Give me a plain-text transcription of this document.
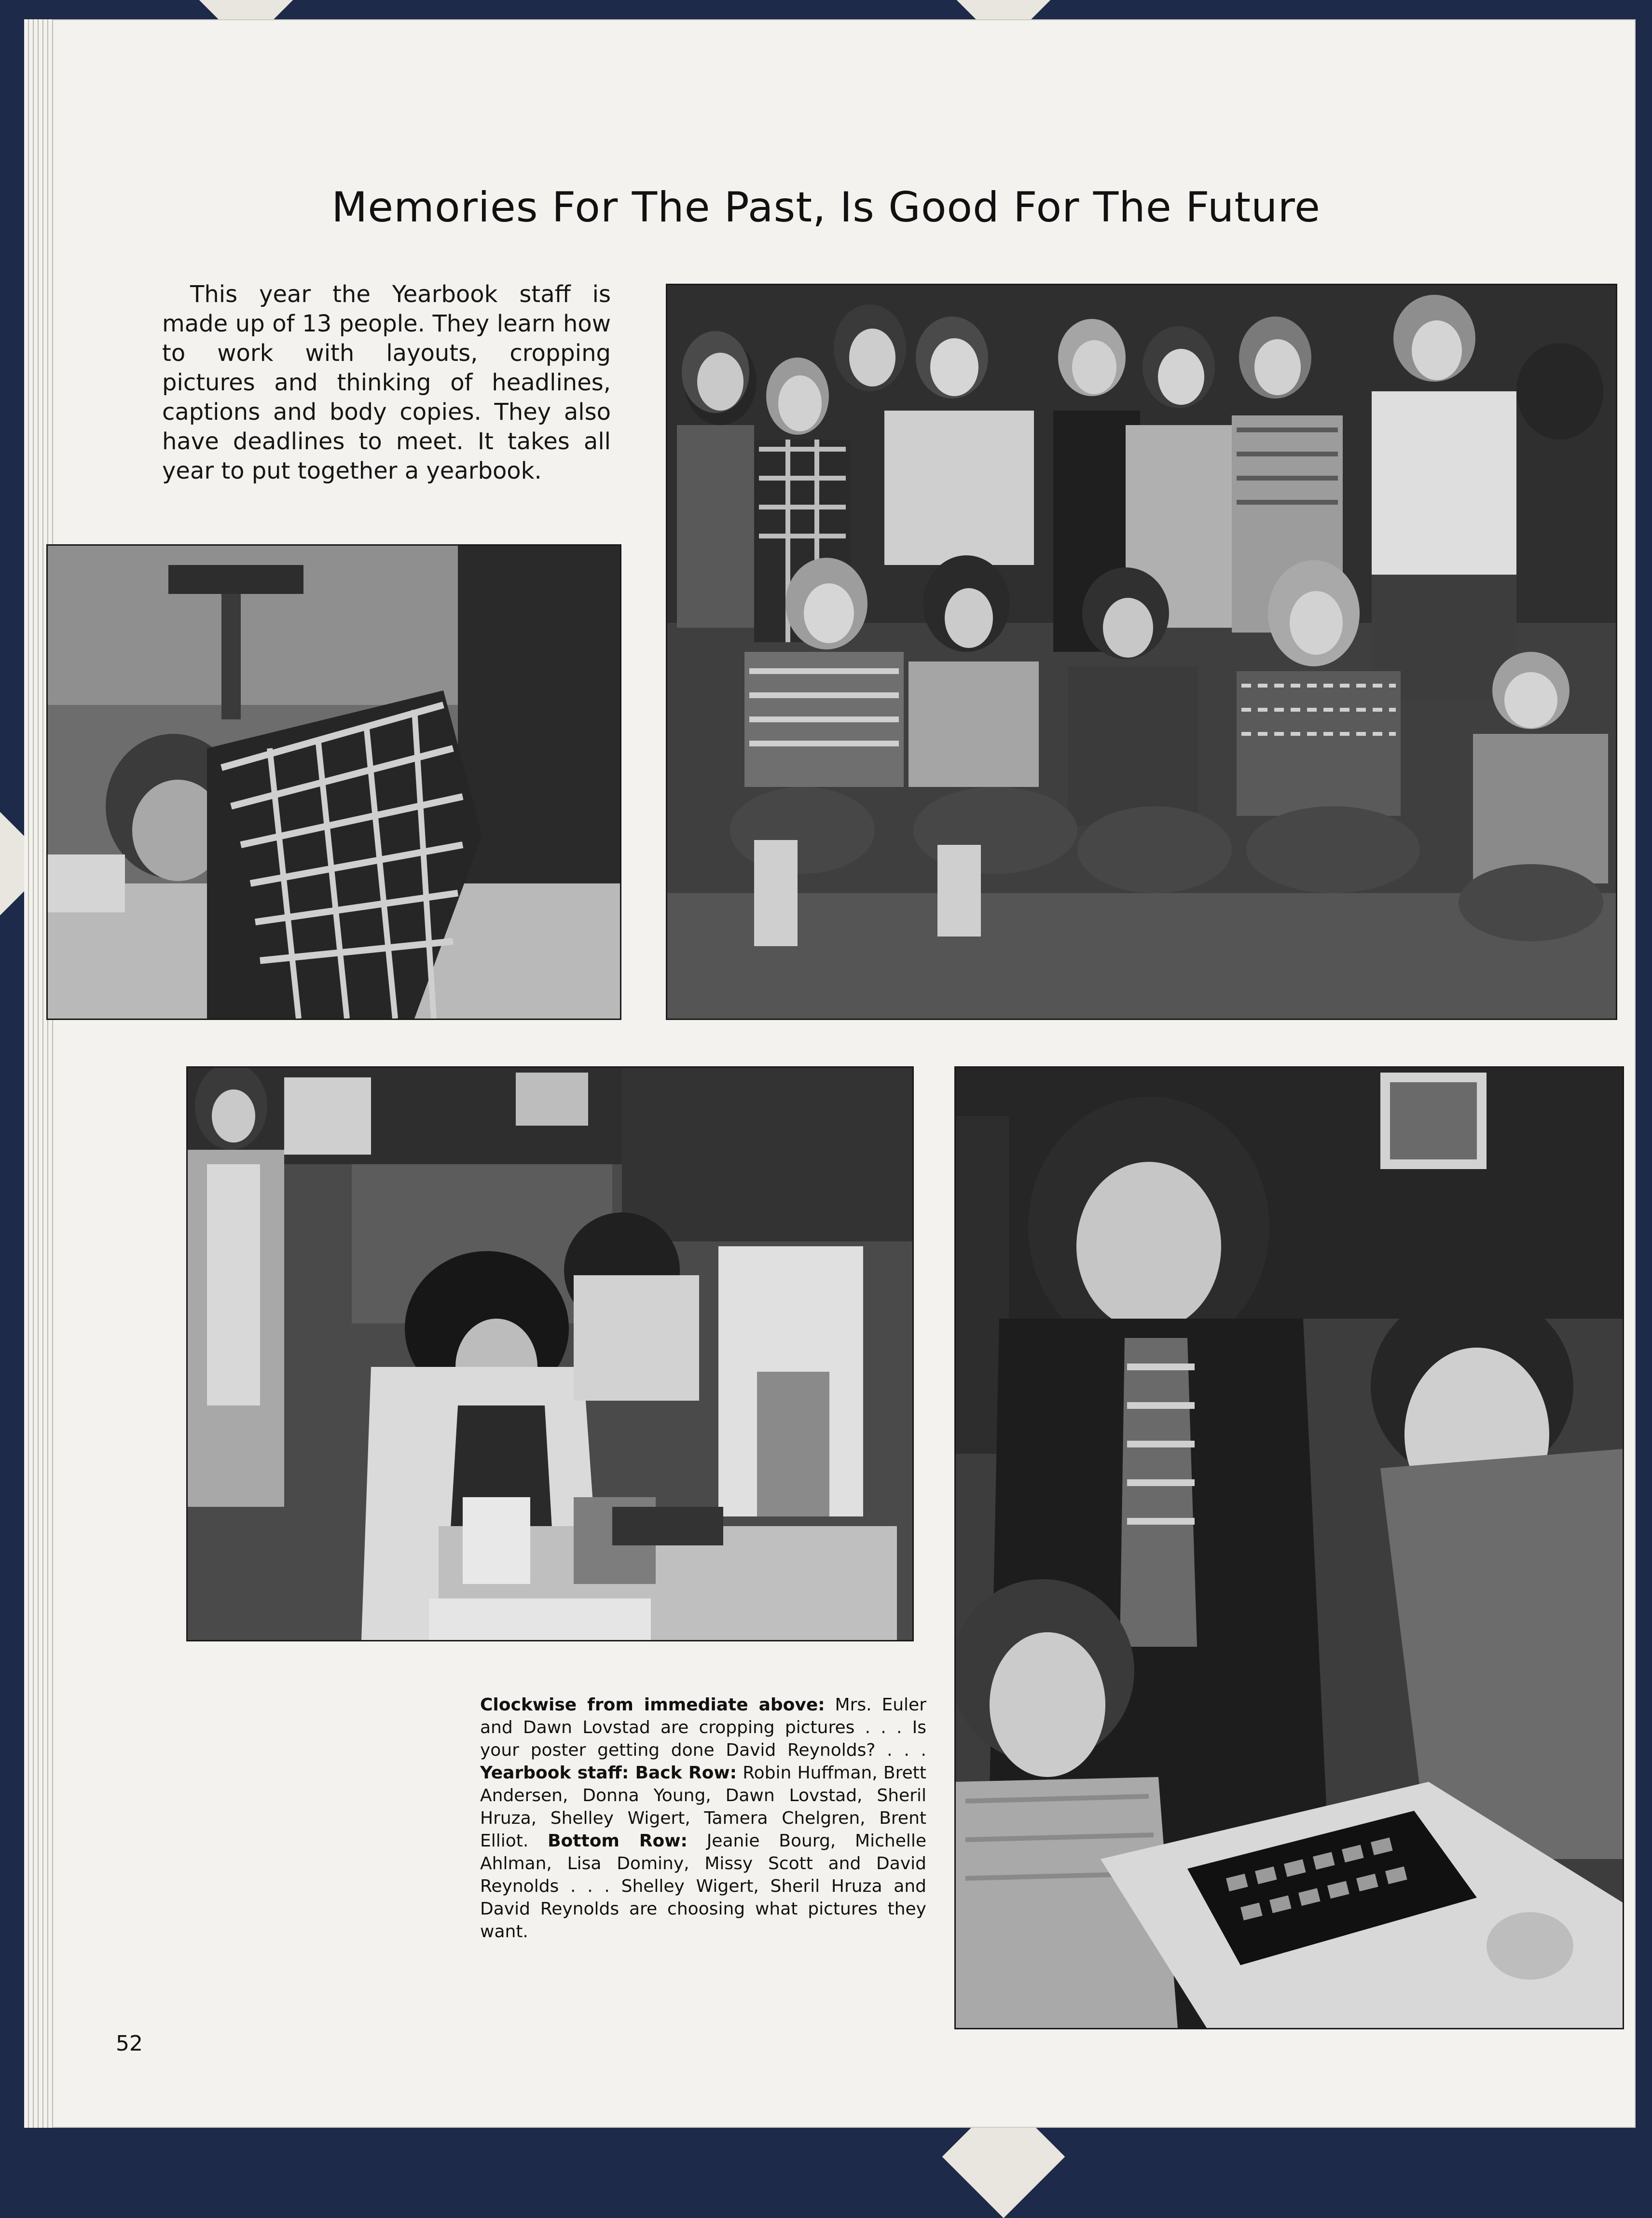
Memories For The Past, Is Good For The Future

This year the Yearbook staff is made up of 13 people. They learn how to work with layouts, cropping pictures and thinking of headlines, captions and body copies. They also have deadlines to meet. It takes all year to put together a yearbook.

Clockwise from immediate above: Mrs. Euler and Dawn Lovstad are cropping pictures . . . Is your poster getting done David Reynolds? . . . Yearbook staff: Back Row: Robin Huffman, Brett Andersen, Donna Young, Dawn Lovstad, Sheril Hruza, Shelley Wigert, Tamera Chelgren, Brent Elliot. Bottom Row: Jeanie Bourg, Michelle Ahlman, Lisa Dominy, Missy Scott and David Reynolds . . . Shelley Wigert, Sheril Hruza and David Reynolds are choosing what pictures they want.
52
